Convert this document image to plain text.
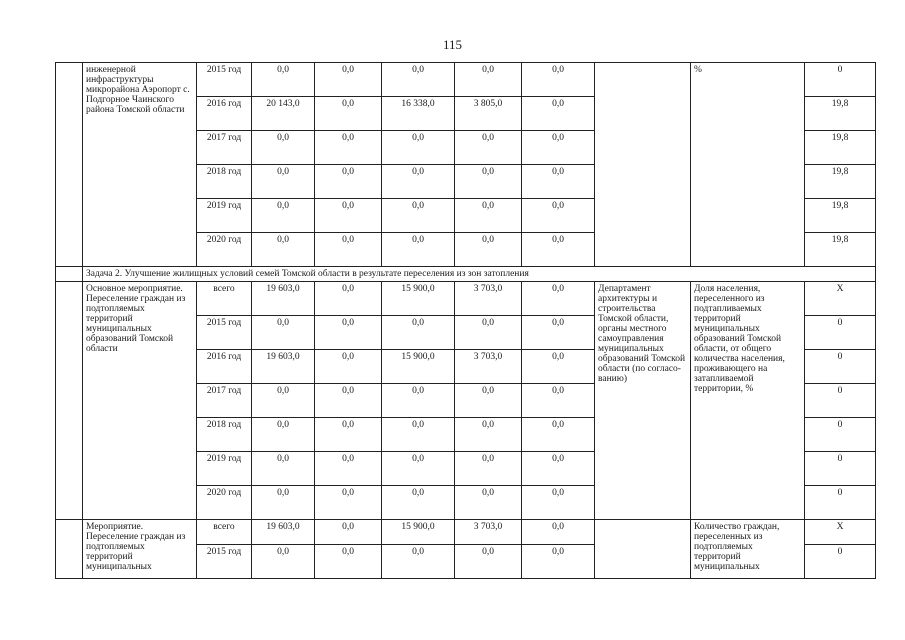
115
	инженерной инфраструктуры микрорайона Аэропорт с. Подгорное Чаинского района Томской области	2015 год	0,0	0,0	0,0	0,0	0,0		%	0
		2016 год	20 143,0	0,0	16 338,0	3 805,0	0,0			19,8
		2017 год	0,0	0,0	0,0	0,0	0,0			19,8
		2018 год	0,0	0,0	0,0	0,0	0,0			19,8
		2019 год	0,0	0,0	0,0	0,0	0,0			19,8
		2020 год	0,0	0,0	0,0	0,0	0,0			19,8
	Задача 2. Улучшение жилищных условий семей Томской области в результате переселения из зон затопления									
	Основное мероприятие. Переселение граждан из подтопляемых территорий муниципальных образований Томской области	всего	19 603,0	0,0	15 900,0	3 703,0	0,0	Департамент архитектуры и строительства Томской области, органы местного самоуправления муниципальных образований Томской области (по согласо-ванию)	Доля населения, переселенного из подтапливаемых территорий муниципальных образований Томской области, от общего количества населения, проживающего на затапливаемой территории, %	Х
		2015 год	0,0	0,0	0,0	0,0	0,0			0
		2016 год	19 603,0	0,0	15 900,0	3 703,0	0,0			0
		2017 год	0,0	0,0	0,0	0,0	0,0			0
		2018 год	0,0	0,0	0,0	0,0	0,0			0
		2019 год	0,0	0,0	0,0	0,0	0,0			0
		2020 год	0,0	0,0	0,0	0,0	0,0			0
	Мероприятие. Переселение граждан из подтопляемых территорий муниципальных	всего	19 603,0	0,0	15 900,0	3 703,0	0,0		Количество граждан, переселенных из подтопляемых территорий муниципальных	Х
		2015 год	0,0	0,0	0,0	0,0	0,0			0
